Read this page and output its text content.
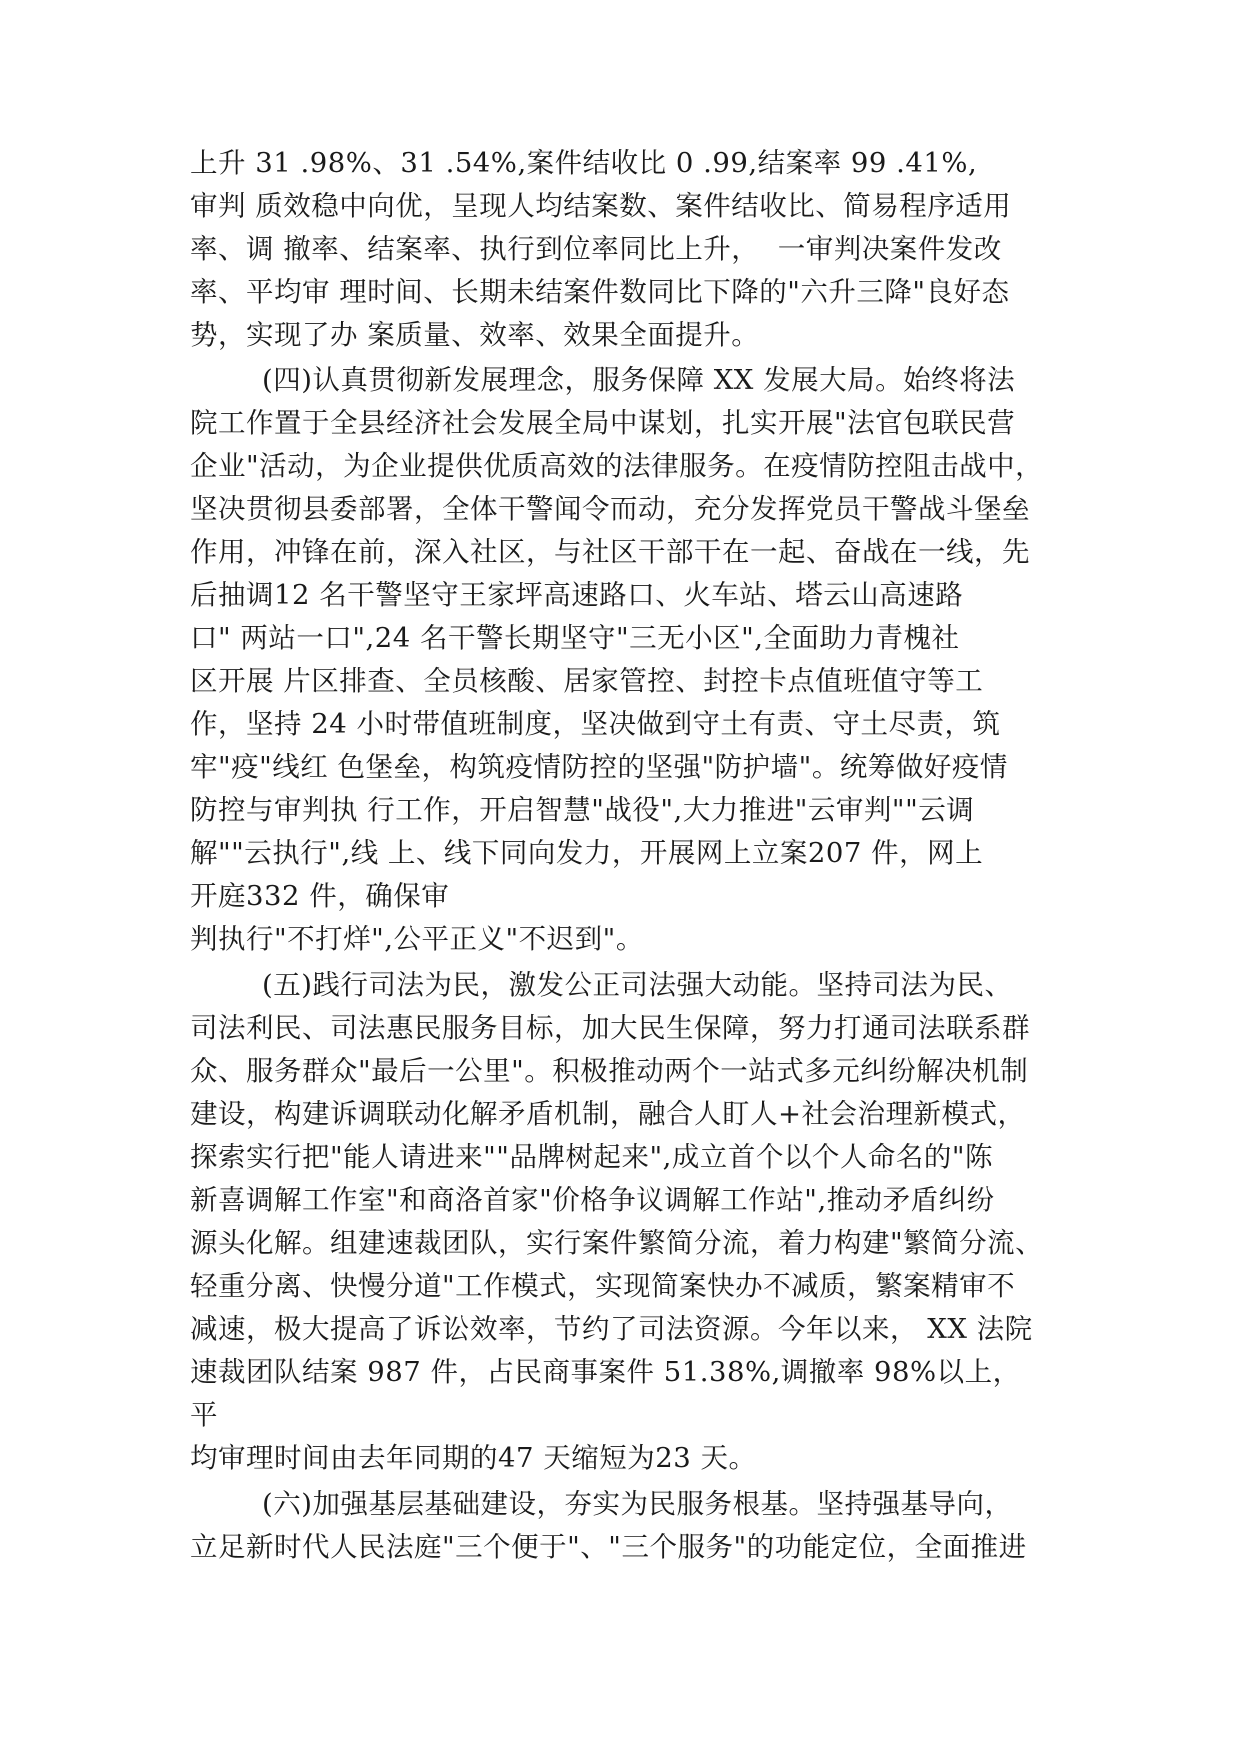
上升 31 .98%、31 .54%,案件结收比 0 .99,结案率 99 .41%,
审判 质效稳中向优，呈现人均结案数、案件结收比、简易程序适用
率、调 撤率、结案率、执行到位率同比上升，  一审判决案件发改
率、平均审 理时间、长期未结案件数同比下降的"六升三降"良好态
势，实现了办 案质量、效率、效果全面提升。
(四)认真贯彻新发展理念，服务保障 XX 发展大局。始终将法
院工作置于全县经济社会发展全局中谋划，扎实开展"法官包联民营
企业"活动，为企业提供优质高效的法律服务。在疫情防控阻击战中，
坚决贯彻县委部署，全体干警闻令而动，充分发挥党员干警战斗堡垒
作用，冲锋在前，深入社区，与社区干部干在一起、奋战在一线，先
后抽调12 名干警坚守王家坪高速路口、火车站、塔云山高速路
口" 两站一口",24 名干警长期坚守"三无小区",全面助力青槐社
区开展 片区排查、全员核酸、居家管控、封控卡点值班值守等工
作，坚持 24 小时带值班制度，坚决做到守土有责、守土尽责，筑
牢"疫"线红 色堡垒，构筑疫情防控的坚强"防护墙"。统筹做好疫情
防控与审判执 行工作，开启智慧"战役",大力推进"云审判""云调
解""云执行",线 上、线下同向发力，开展网上立案207 件，网上
开庭332 件，确保审
判执行"不打烊",公平正义"不迟到"。
(五)践行司法为民，激发公正司法强大动能。坚持司法为民、
司法利民、司法惠民服务目标，加大民生保障，努力打通司法联系群
众、服务群众"最后一公里"。积极推动两个一站式多元纠纷解决机制
建设，构建诉调联动化解矛盾机制，融合人盯人+社会治理新模式，
探索实行把"能人请进来""品牌树起来",成立首个以个人命名的"陈
新喜调解工作室"和商洛首家"价格争议调解工作站",推动矛盾纠纷
源头化解。组建速裁团队，实行案件繁简分流，着力构建"繁简分流、
轻重分离、快慢分道"工作模式，实现简案快办不减质，繁案精审不
减速，极大提高了诉讼效率，节约了司法资源。今年以来， XX 法院
速裁团队结案 987 件，占民商事案件 51.38%,调撤率 98%以上，
平
均审理时间由去年同期的47 天缩短为23 天。
(六)加强基层基础建设，夯实为民服务根基。坚持强基导向，
立足新时代人民法庭"三个便于"、"三个服务"的功能定位，全面推进
